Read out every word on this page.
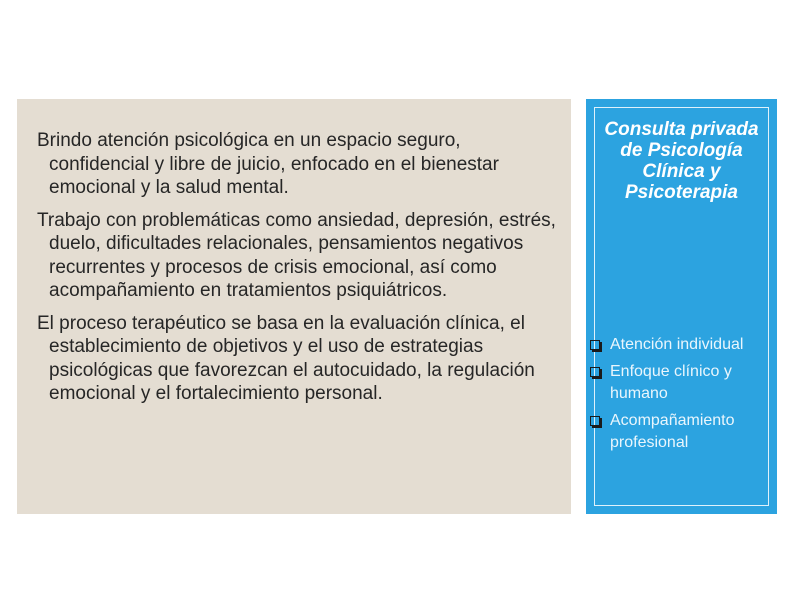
Brindo atención psicológica en un espacio seguro, confidencial y libre de juicio, enfocado en el bienestar emocional y la salud mental.

Trabajo con problemáticas como ansiedad, depresión, estrés, duelo, dificultades relacionales, pensamientos negativos recurrentes y procesos de crisis emocional, así como acompañamiento en tratamientos psiquiátricos.

El proceso terapéutico se basa en la evaluación clínica, el establecimiento de objetivos y el uso de estrategias psicológicas que favorezcan el autocuidado, la regulación emocional y el fortalecimiento personal.

Consulta privada de Psicología Clínica y Psicoterapia
Atención individual
Enfoque clínico y humano
Acompañamiento profesional
